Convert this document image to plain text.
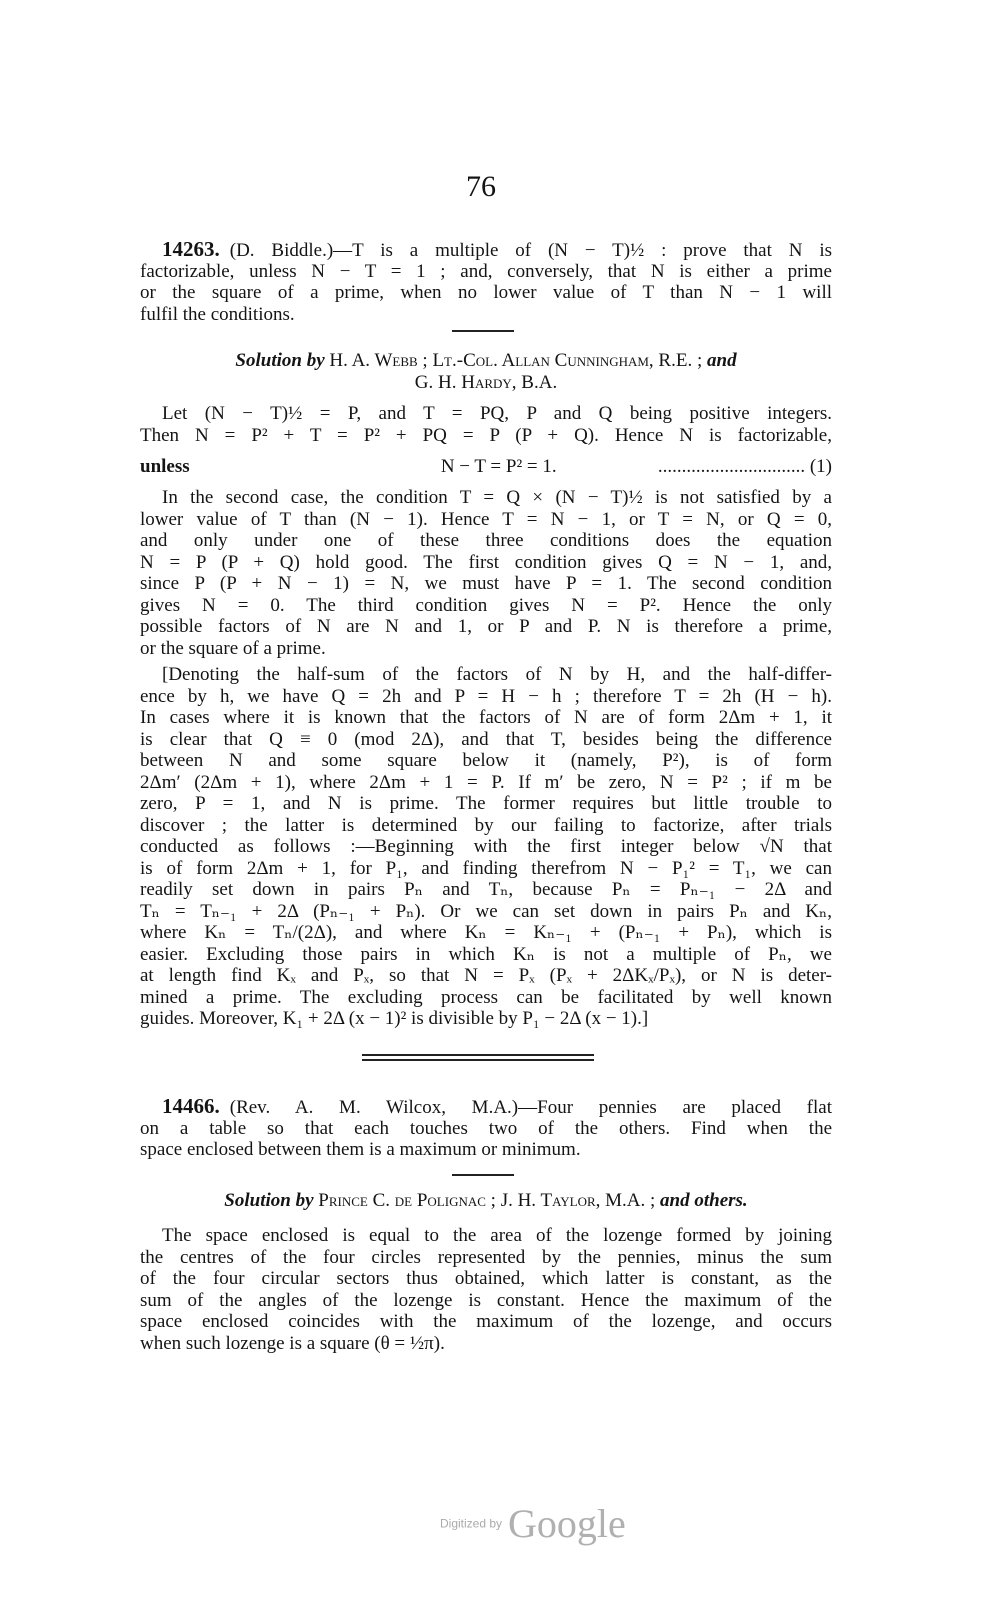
76
14263. (D. Biddle.)—T is a multiple of (N − T)½ : prove that N is
factorizable, unless N − T = 1 ; and, conversely, that N is either a prime
or the square of a prime, when no lower value of T than N − 1 will
fulfil the conditions.
Solution by H. A. Webb ; Lt.-Col. Allan Cunningham, R.E. ; and
G. H. Hardy, B.A.
Let (N − T)½ = P, and T = PQ, P and Q being positive integers.
Then N = P² + T = P² + PQ = P (P + Q). Hence N is factorizable,
unless	N − T = P² = 1.	............................... (1)
In the second case, the condition T = Q × (N − T)½ is not satisfied by a
lower value of T than (N − 1). Hence T = N − 1, or T = N, or Q = 0,
and only under one of these three conditions does the equation
N = P (P + Q) hold good. The first condition gives Q = N − 1, and,
since P (P + N − 1) = N, we must have P = 1. The second condition
gives N = 0. The third condition gives N = P². Hence the only
possible factors of N are N and 1, or P and P. N is therefore a prime,
or the square of a prime.
[Denoting the half-sum of the factors of N by H, and the half-differ-
ence by h, we have Q = 2h and P = H − h ; therefore T = 2h (H − h).
In cases where it is known that the factors of N are of form 2Δm + 1, it
is clear that Q ≡ 0 (mod 2Δ), and that T, besides being the difference
between N and some square below it (namely, P²), is of form
2Δm′ (2Δm + 1), where 2Δm + 1 = P. If m′ be zero, N = P² ; if m be
zero, P = 1, and N is prime. The former requires but little trouble to
discover ; the latter is determined by our failing to factorize, after trials
conducted as follows :—Beginning with the first integer below √N that
is of form 2Δm + 1, for P₁, and finding therefrom N − P₁² = T₁, we can
readily set down in pairs Pₙ and Tₙ, because Pₙ = Pₙ₋₁ − 2Δ and
Tₙ = Tₙ₋₁ + 2Δ (Pₙ₋₁ + Pₙ). Or we can set down in pairs Pₙ and Kₙ,
where Kₙ = Tₙ/(2Δ), and where Kₙ = Kₙ₋₁ + (Pₙ₋₁ + Pₙ), which is
easier. Excluding those pairs in which Kₙ is not a multiple of Pₙ, we
at length find Kₓ and Pₓ, so that N = Pₓ (Pₓ + 2ΔKₓ/Pₓ), or N is deter-
mined a prime. The excluding process can be facilitated by well known
guides. Moreover, K₁ + 2Δ (x − 1)² is divisible by P₁ − 2Δ (x − 1).]
14466. (Rev. A. M. Wilcox, M.A.)—Four pennies are placed flat
on a table so that each touches two of the others. Find when the
space enclosed between them is a maximum or minimum.
Solution by Prince C. de Polignac ; J. H. Taylor, M.A. ; and others.
The space enclosed is equal to the area of the lozenge formed by joining
the centres of the four circles represented by the pennies, minus the sum
of the four circular sectors thus obtained, which latter is constant, as the
sum of the angles of the lozenge is constant. Hence the maximum of the
space enclosed coincides with the maximum of the lozenge, and occurs
when such lozenge is a square (θ = ½π).
Digitized by Google
